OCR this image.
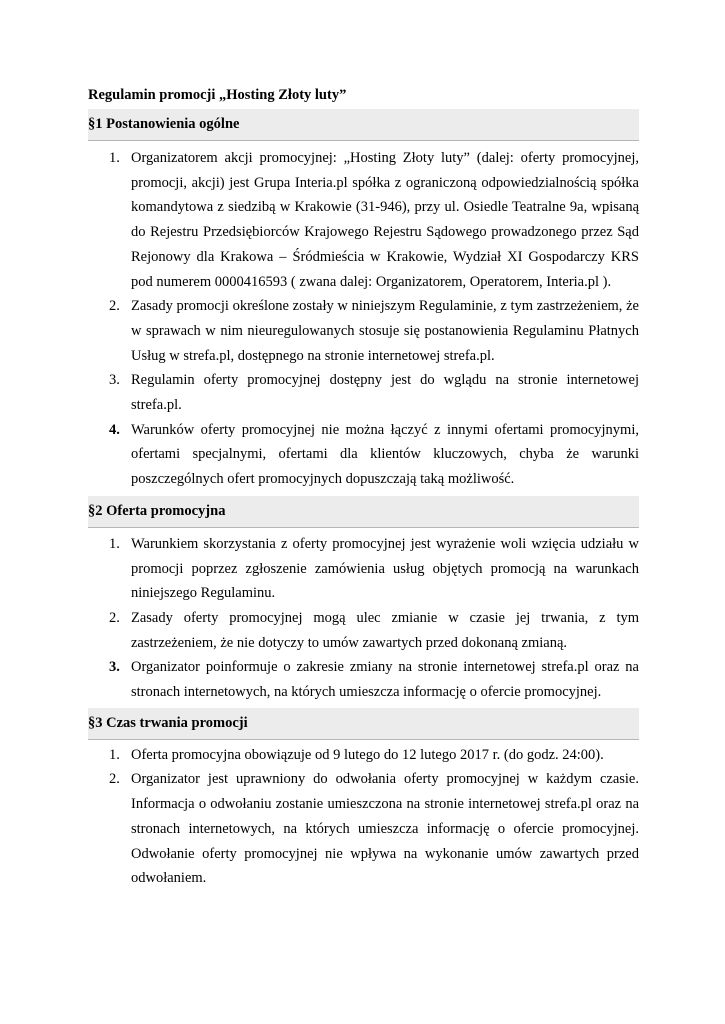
Regulamin promocji „Hosting Złoty luty”
§1 Postanowienia ogólne
1. Organizatorem akcji promocyjnej: „Hosting Złoty luty” (dalej: oferty promocyjnej, promocji, akcji) jest Grupa Interia.pl spółka z ograniczoną odpowiedzialnością spółka komandytowa z siedzibą w Krakowie (31-946), przy ul. Osiedle Teatralne 9a, wpisaną do Rejestru Przedsiębiorców Krajowego Rejestru Sądowego prowadzonego przez Sąd Rejonowy dla Krakowa – Śródmieścia w Krakowie, Wydział XI Gospodarczy KRS pod numerem 0000416593 ( zwana dalej: Organizatorem, Operatorem, Interia.pl ).
2. Zasady promocji określone zostały w niniejszym Regulaminie, z tym zastrzeżeniem, że w sprawach w nim nieuregulowanych stosuje się postanowienia Regulaminu Płatnych Usług w strefa.pl, dostępnego na stronie internetowej strefa.pl.
3. Regulamin oferty promocyjnej dostępny jest do wglądu na stronie internetowej strefa.pl.
4. Warunków oferty promocyjnej nie można łączyć z innymi ofertami promocyjnymi, ofertami specjalnymi, ofertami dla klientów kluczowych, chyba że warunki poszczególnych ofert promocyjnych dopuszczają taką możliwość.
§2 Oferta promocyjna
1. Warunkiem skorzystania z oferty promocyjnej jest wyrażenie woli wzięcia udziału w promocji poprzez zgłoszenie zamówienia usług objętych promocją na warunkach niniejszego Regulaminu.
2. Zasady oferty promocyjnej mogą ulec zmianie w czasie jej trwania, z tym zastrzeżeniem, że nie dotyczy to umów zawartych przed dokonaną zmianą.
3. Organizator poinformuje o zakresie zmiany na stronie internetowej strefa.pl oraz na stronach internetowych, na których umieszcza informację o ofercie promocyjnej.
§3 Czas trwania promocji
1. Oferta promocyjna obowiązuje od 9 lutego do 12 lutego 2017 r. (do godz. 24:00).
2. Organizator jest uprawniony do odwołania oferty promocyjnej w każdym czasie. Informacja o odwołaniu zostanie umieszczona na stronie internetowej strefa.pl oraz na stronach internetowych, na których umieszcza informację o ofercie promocyjnej. Odwołanie oferty promocyjnej nie wpływa na wykonanie umów zawartych przed odwołaniem.
